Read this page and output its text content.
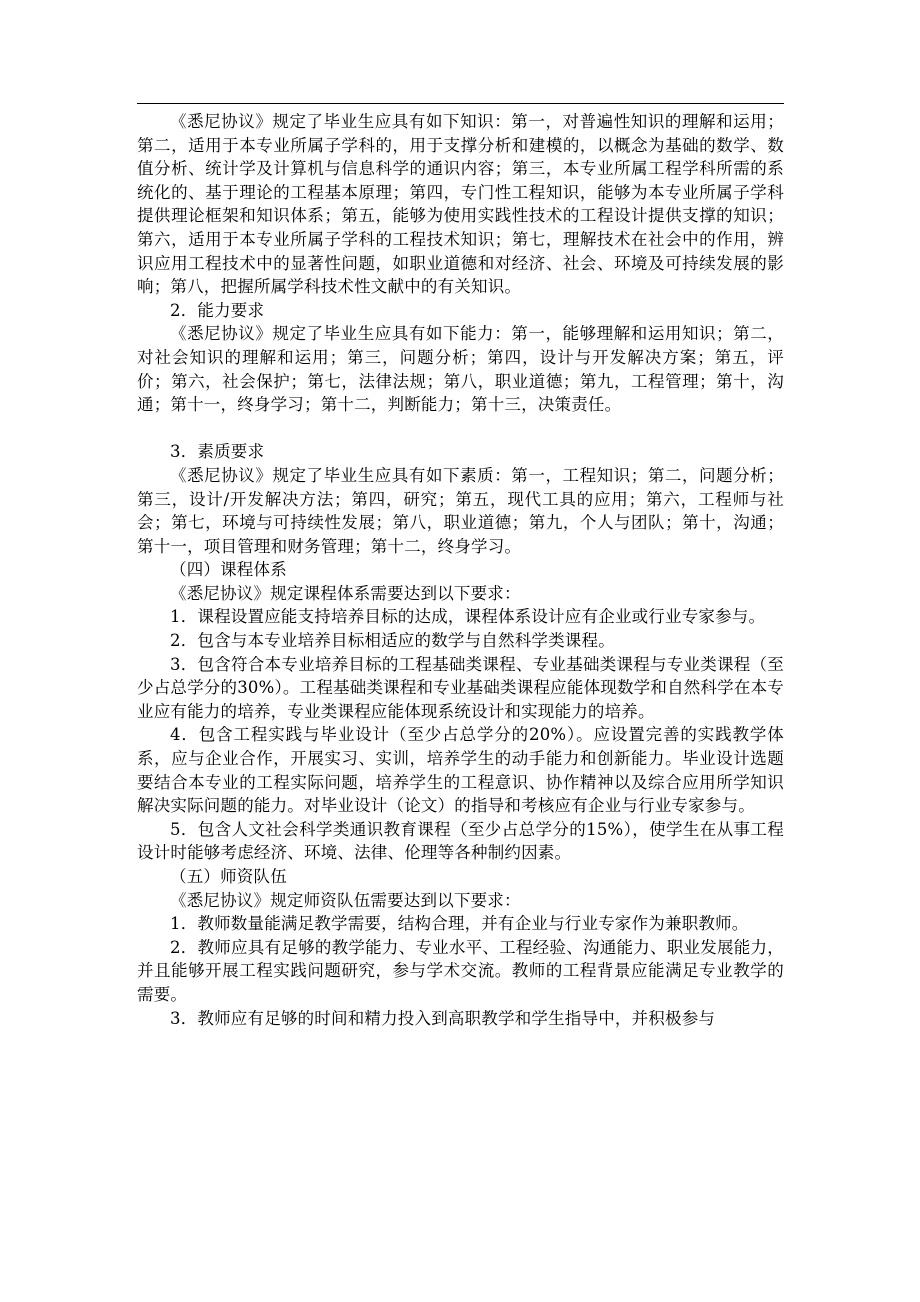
《悉尼协议》规定了毕业生应具有如下知识：第一，对普遍性知识的理解和运用；第二，适用于本专业所属子学科的，用于支撑分析和建模的，以概念为基础的数学、数值分析、统计学及计算机与信息科学的通识内容；第三，本专业所属工程学科所需的系统化的、基于理论的工程基本原理；第四，专门性工程知识，能够为本专业所属子学科提供理论框架和知识体系；第五，能够为使用实践性技术的工程设计提供支撑的知识；第六，适用于本专业所属子学科的工程技术知识；第七，理解技术在社会中的作用，辨识应用工程技术中的显著性问题，如职业道德和对经济、社会、环境及可持续发展的影响；第八，把握所属学科技术性文献中的有关知识。

2．能力要求

《悉尼协议》规定了毕业生应具有如下能力：第一，能够理解和运用知识；第二，对社会知识的理解和运用；第三，问题分析；第四，设计与开发解决方案；第五，评价；第六，社会保护；第七，法律法规；第八，职业道德；第九，工程管理；第十，沟通；第十一，终身学习；第十二，判断能力；第十三，决策责任。

3．素质要求

《悉尼协议》规定了毕业生应具有如下素质：第一，工程知识；第二，问题分析；第三，设计/开发解决方法；第四，研究；第五，现代工具的应用；第六，工程师与社会；第七，环境与可持续性发展；第八，职业道德；第九，个人与团队；第十，沟通；第十一，项目管理和财务管理；第十二，终身学习。

（四）课程体系

《悉尼协议》规定课程体系需要达到以下要求：

1．课程设置应能支持培养目标的达成，课程体系设计应有企业或行业专家参与。

2．包含与本专业培养目标相适应的数学与自然科学类课程。

3．包含符合本专业培养目标的工程基础类课程、专业基础类课程与专业类课程（至少占总学分的30%）。工程基础类课程和专业基础类课程应能体现数学和自然科学在本专业应有能力的培养，专业类课程应能体现系统设计和实现能力的培养。

4．包含工程实践与毕业设计（至少占总学分的20%）。应设置完善的实践教学体系，应与企业合作，开展实习、实训，培养学生的动手能力和创新能力。毕业设计选题要结合本专业的工程实际问题，培养学生的工程意识、协作精神以及综合应用所学知识解决实际问题的能力。对毕业设计（论文）的指导和考核应有企业与行业专家参与。

5．包含人文社会科学类通识教育课程（至少占总学分的15%），使学生在从事工程设计时能够考虑经济、环境、法律、伦理等各种制约因素。

（五）师资队伍

《悉尼协议》规定师资队伍需要达到以下要求：

1．教师数量能满足教学需要，结构合理，并有企业与行业专家作为兼职教师。

2．教师应具有足够的教学能力、专业水平、工程经验、沟通能力、职业发展能力，并且能够开展工程实践问题研究，参与学术交流。教师的工程背景应能满足专业教学的需要。

3．教师应有足够的时间和精力投入到高职教学和学生指导中，并积极参与
